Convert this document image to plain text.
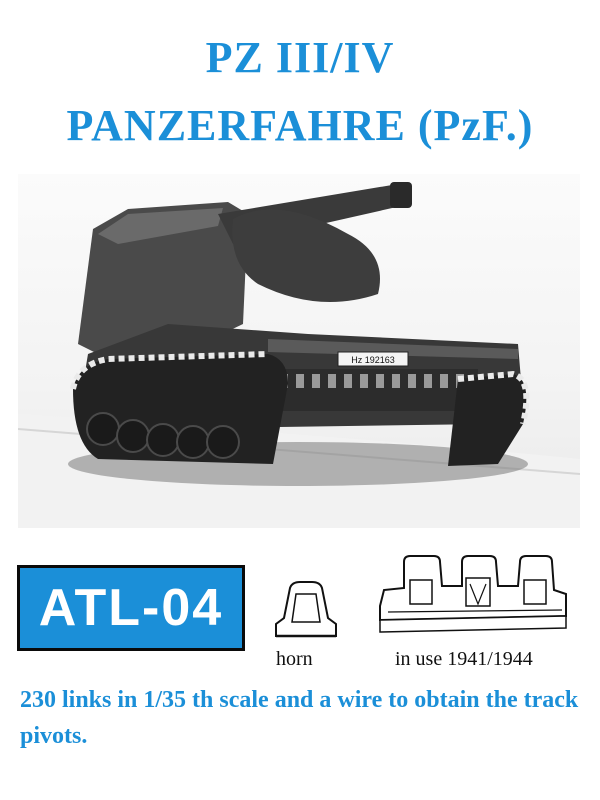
PZ III/IV
PANZERFAHRE (PzF.)
Hz 192163
ATL-04
horn	in use 1941/1944
230 links in 1/35 th scale and a wire to obtain the track pivots.
